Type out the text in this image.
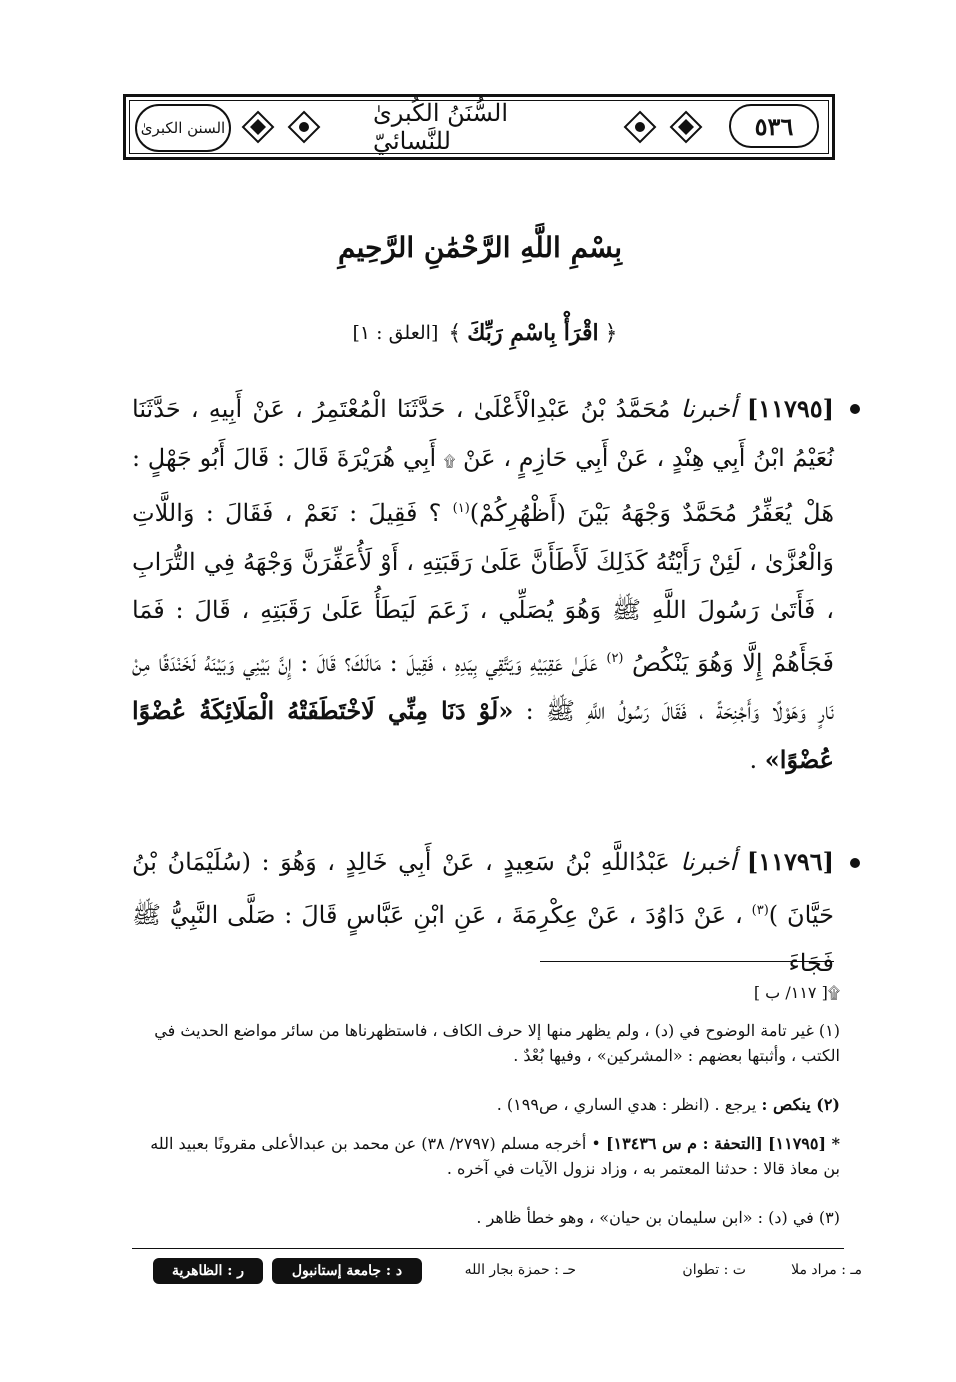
السنن الكبرىٰ
السُّنَنُ الكُبرىٰ للنَّسائيّ
٥٣٦
بِسْمِ اللَّهِ الرَّحْمَٰنِ الرَّحِيمِ
﴿
اقْرَأْ بِاسْمِ رَبِّكَ
﴾
[العلق : ١]
[١١٧٩٥] أخبرنا مُحَمَّدُ بْنُ عَبْدِالْأَعْلَىٰ ، حَدَّثَنَا الْمُعْتَمِرُ ، عَنْ أَبِيهِ ، حَدَّثَنَا نُعَيْمُ ابْنُ أَبِي هِنْدٍ ، عَنْ أَبِي حَازِمٍ ، عَنْ ۩ أَبِي هُرَيْرَةَ قَالَ : قَالَ أَبُو جَهْلٍ : هَلْ يُعَفِّرُ مُحَمَّدٌ وَجْهَهُ بَيْنَ (أَظْهُرِكُمْ)$^{(١)}$ ؟ فَقِيلَ : نَعَمْ ، فَقَالَ : وَاللَّاتِ وَالْعُزَّىٰ ، لَئِنْ رَأَيْتُهُ كَذَلِكَ لَأَطَأَنَّ عَلَىٰ رَقَبَتِهِ ، أَوْ لَأُعَفِّرَنَّ وَجْهَهُ فِي التُّرَابِ ، فَأَتَىٰ رَسُولَ اللَّهِ ﷺ وَهُوَ يُصَلِّي ، زَعَمَ لَيَطَأُ عَلَىٰ رَقَبَتِهِ ، قَالَ : فَمَا فَجَأَهُمْ إِلَّا وَهُوَ يَنْكُصُ $^{(٢)}$ عَلَىٰ عَقِبَيْهِ وَيَتَّقِي بِيَدِهِ ، فَقِيلَ : مَالَكَ؟ قَالَ : إِنَّ بَيْنِي وَبَيْنَهُ لَخَنْدَقًا مِنْ نَارٍ وَهَوْلًا وَأَجْنِحَةً ، فَقَالَ رَسُولُ اللَّهِ ﷺ : «لَوْ دَنَا مِنِّي لَاخْتَطَفَتْهُ الْمَلَائِكَةُ عُضْوًا عُضْوًا» .
[١١٧٩٦] أخبرنا عَبْدُاللَّهِ بْنُ سَعِيدٍ ، عَنْ أَبِي خَالِدٍ ، وَهُوَ : (سُلَيْمَانُ بْنُ حَيَّانَ )$^{(٣)}$ ، عَنْ دَاوُدَ ، عَنْ عِكْرِمَةَ ، عَنِ ابْنِ عَبَّاسٍ قَالَ : صَلَّى النَّبِيُّ ﷺ فَجَاءَ
۩[ ١١٧/ ب ]
(١) غير تامة الوضوح في (د) ، ولم يظهر منها إلا حرف الكاف ، فاستظهرناها من سائر مواضع الحديث في الكتب ، وأثبتها بعضهم : «المشركين» ، وفيها بُعْدٌ .
(٢) ينكص : يرجع . (انظر : هدي الساري ، ص١٩٩) .
* [١١٧٩٥] [التحفة : م س ١٣٤٣٦] • أخرجه مسلم (٢٧٩٧/ ٣٨) عن محمد بن عبدالأعلى مقرونًا بعبيد الله بن معاذ قالا : حدثنا المعتمر به ، وزاد نزول الآيات في آخره .
(٣) في (د) : «ابن سليمان بن حيان» ، وهو خطأ ظاهر .
مـ : مراد ملا
ت : تطوان
حـ : حمزة بجار الله
د : جامعة إستانبول
ر : الظاهرية
